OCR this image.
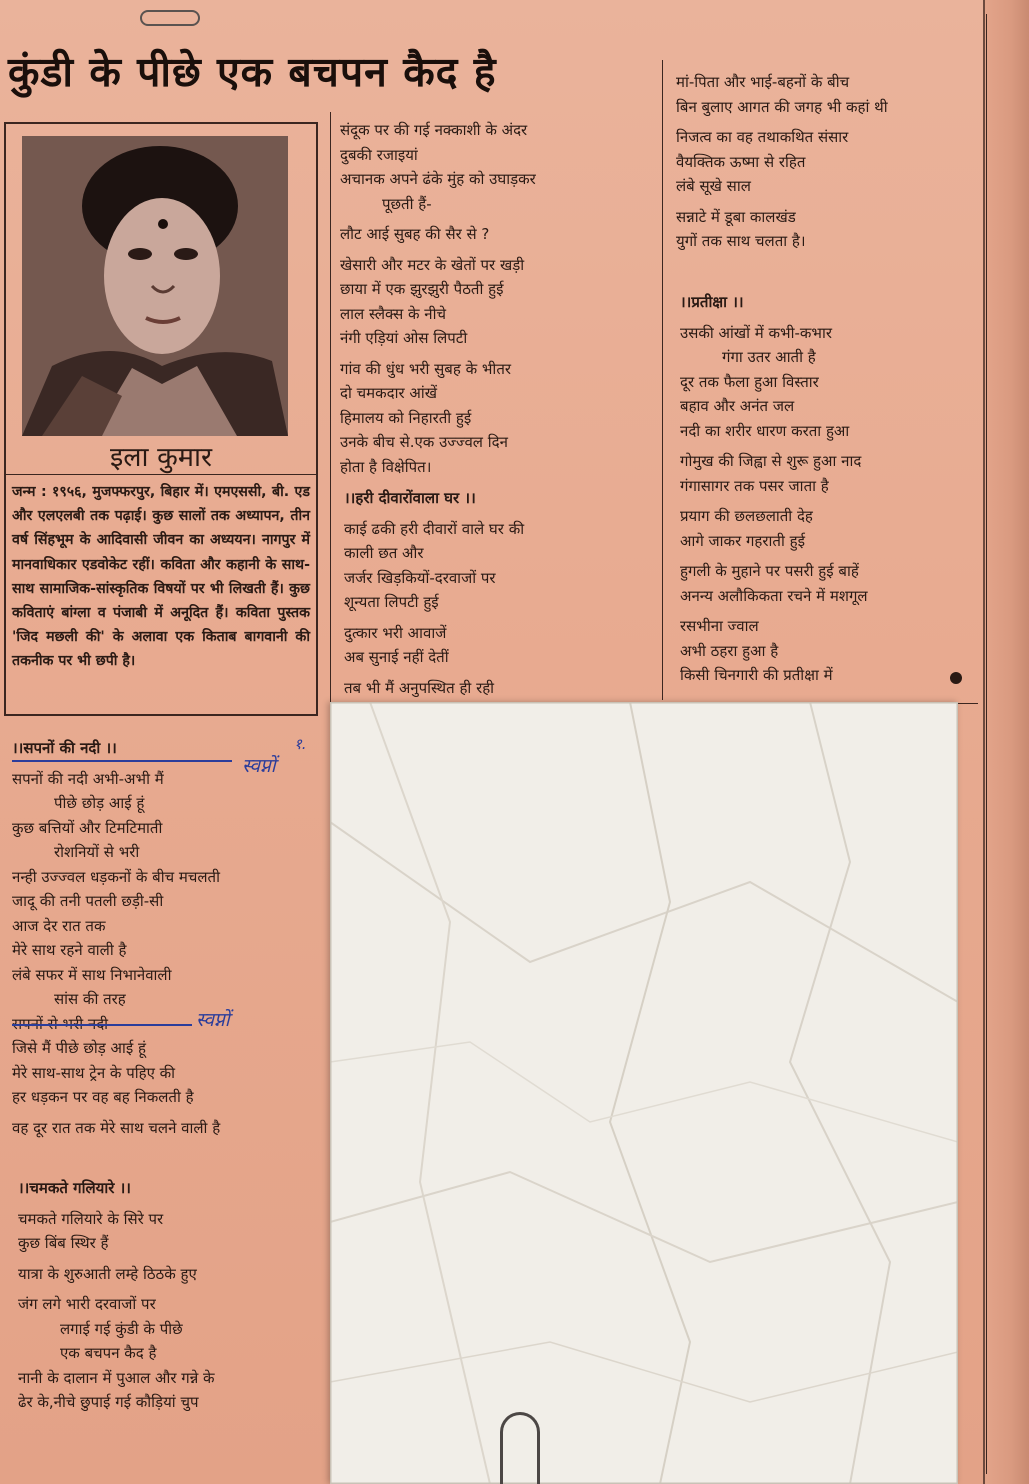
कुंडी के पीछे एक बचपन कैद है
इला कुमार

जन्म : १९५६, मुजफ्फरपुर, बिहार में। एमएससी, बी. एड और एलएलबी तक पढ़ाई। कुछ सालों तक अध्यापन, तीन वर्ष सिंहभूम के आदिवासी जीवन का अध्ययन। नागपुर में मानवाधिकार एडवोकेट रहीं। कविता और कहानी के साथ-साथ सामाजिक-सांस्कृतिक विषयों पर भी लिखती हैं। कुछ कविताएं बांग्ला व पंजाबी में अनूदित हैं। कविता पुस्तक 'जिद मछली की' के अलावा एक किताब बागवानी की तकनीक पर भी छपी है।

संदूक पर की गई नक्काशी के अंदर
दुबकी रजाइयां
अचानक अपने ढंके मुंह को उघाड़कर
पूछती हैं-
लौट आई सुबह की सैर से ?
खेसारी और मटर के खेतों पर खड़ी
छाया में एक झुरझुरी पैठती हुई
लाल स्लैक्स के नीचे
नंगी एड़ियां ओस लिपटी
गांव की धुंध भरी सुबह के भीतर
दो चमकदार आंखें
हिमालय को निहारती हुई
उनके बीच से.एक उज्ज्वल दिन
होता है विक्षेपित।
।।हरी दीवारोंवाला घर ।।
काई ढकी हरी दीवारों वाले घर की
काली छत और
जर्जर खिड़कियों-दरवाजों पर
शून्यता लिपटी हुई
दुत्कार भरी आवाजें
अब सुनाई नहीं देतीं
तब भी मैं अनुपस्थित ही रही
मां-पिता और भाई-बहनों के बीच
बिन बुलाए आगत की जगह भी कहां थी
निजत्व का वह तथाकथित संसार
वैयक्तिक ऊष्मा से रहित
लंबे सूखे साल
सन्नाटे में डूबा कालखंड
युगों तक साथ चलता है।
।।प्रतीक्षा ।।
उसकी आंखों में कभी-कभार
गंगा उतर आती है
दूर तक फैला हुआ विस्तार
बहाव और अनंत जल
नदी का शरीर धारण करता हुआ
गोमुख की जिह्वा से शुरू हुआ नाद
गंगासागर तक पसर जाता है
प्रयाग की छलछलाती देह
आगे जाकर गहराती हुई
हुगली के मुहाने पर पसरी हुई बाहें
अनन्य अलौकिकता रचने में मशगूल
रसभीना ज्वाल
अभी ठहरा हुआ है
किसी चिनगारी की प्रतीक्षा में
।।सपनों की नदी ।।
सपनों की नदी अभी-अभी मैं
पीछे छोड़ आई हूं
कुछ बत्तियों और टिमटिमाती
रोशनियों से भरी
नन्ही उज्ज्वल धड़कनों के बीच मचलती
जादू की तनी पतली छड़ी-सी
आज देर रात तक
मेरे साथ रहने वाली है
लंबे सफर में साथ निभानेवाली
सांस की तरह
सपनों से भरी नदी
जिसे मैं पीछे छोड़ आई हूं
मेरे साथ-साथ ट्रेन के पहिए की
हर धड़कन पर वह बह निकलती है
वह दूर रात तक मेरे साथ चलने वाली है
।।चमकते गलियारे ।।
चमकते गलियारे के सिरे पर
कुछ बिंब स्थिर हैं
यात्रा के शुरुआती लम्हे ठिठके हुए
जंग लगे भारी दरवाजों पर
लगाई गई कुंडी के पीछे
एक बचपन कैद है
नानी के दालान में पुआल और गन्ने के
ढेर के,नीचे छुपाई गई कौड़ियां चुप
स्वप्नों
१.
स्वप्नों
